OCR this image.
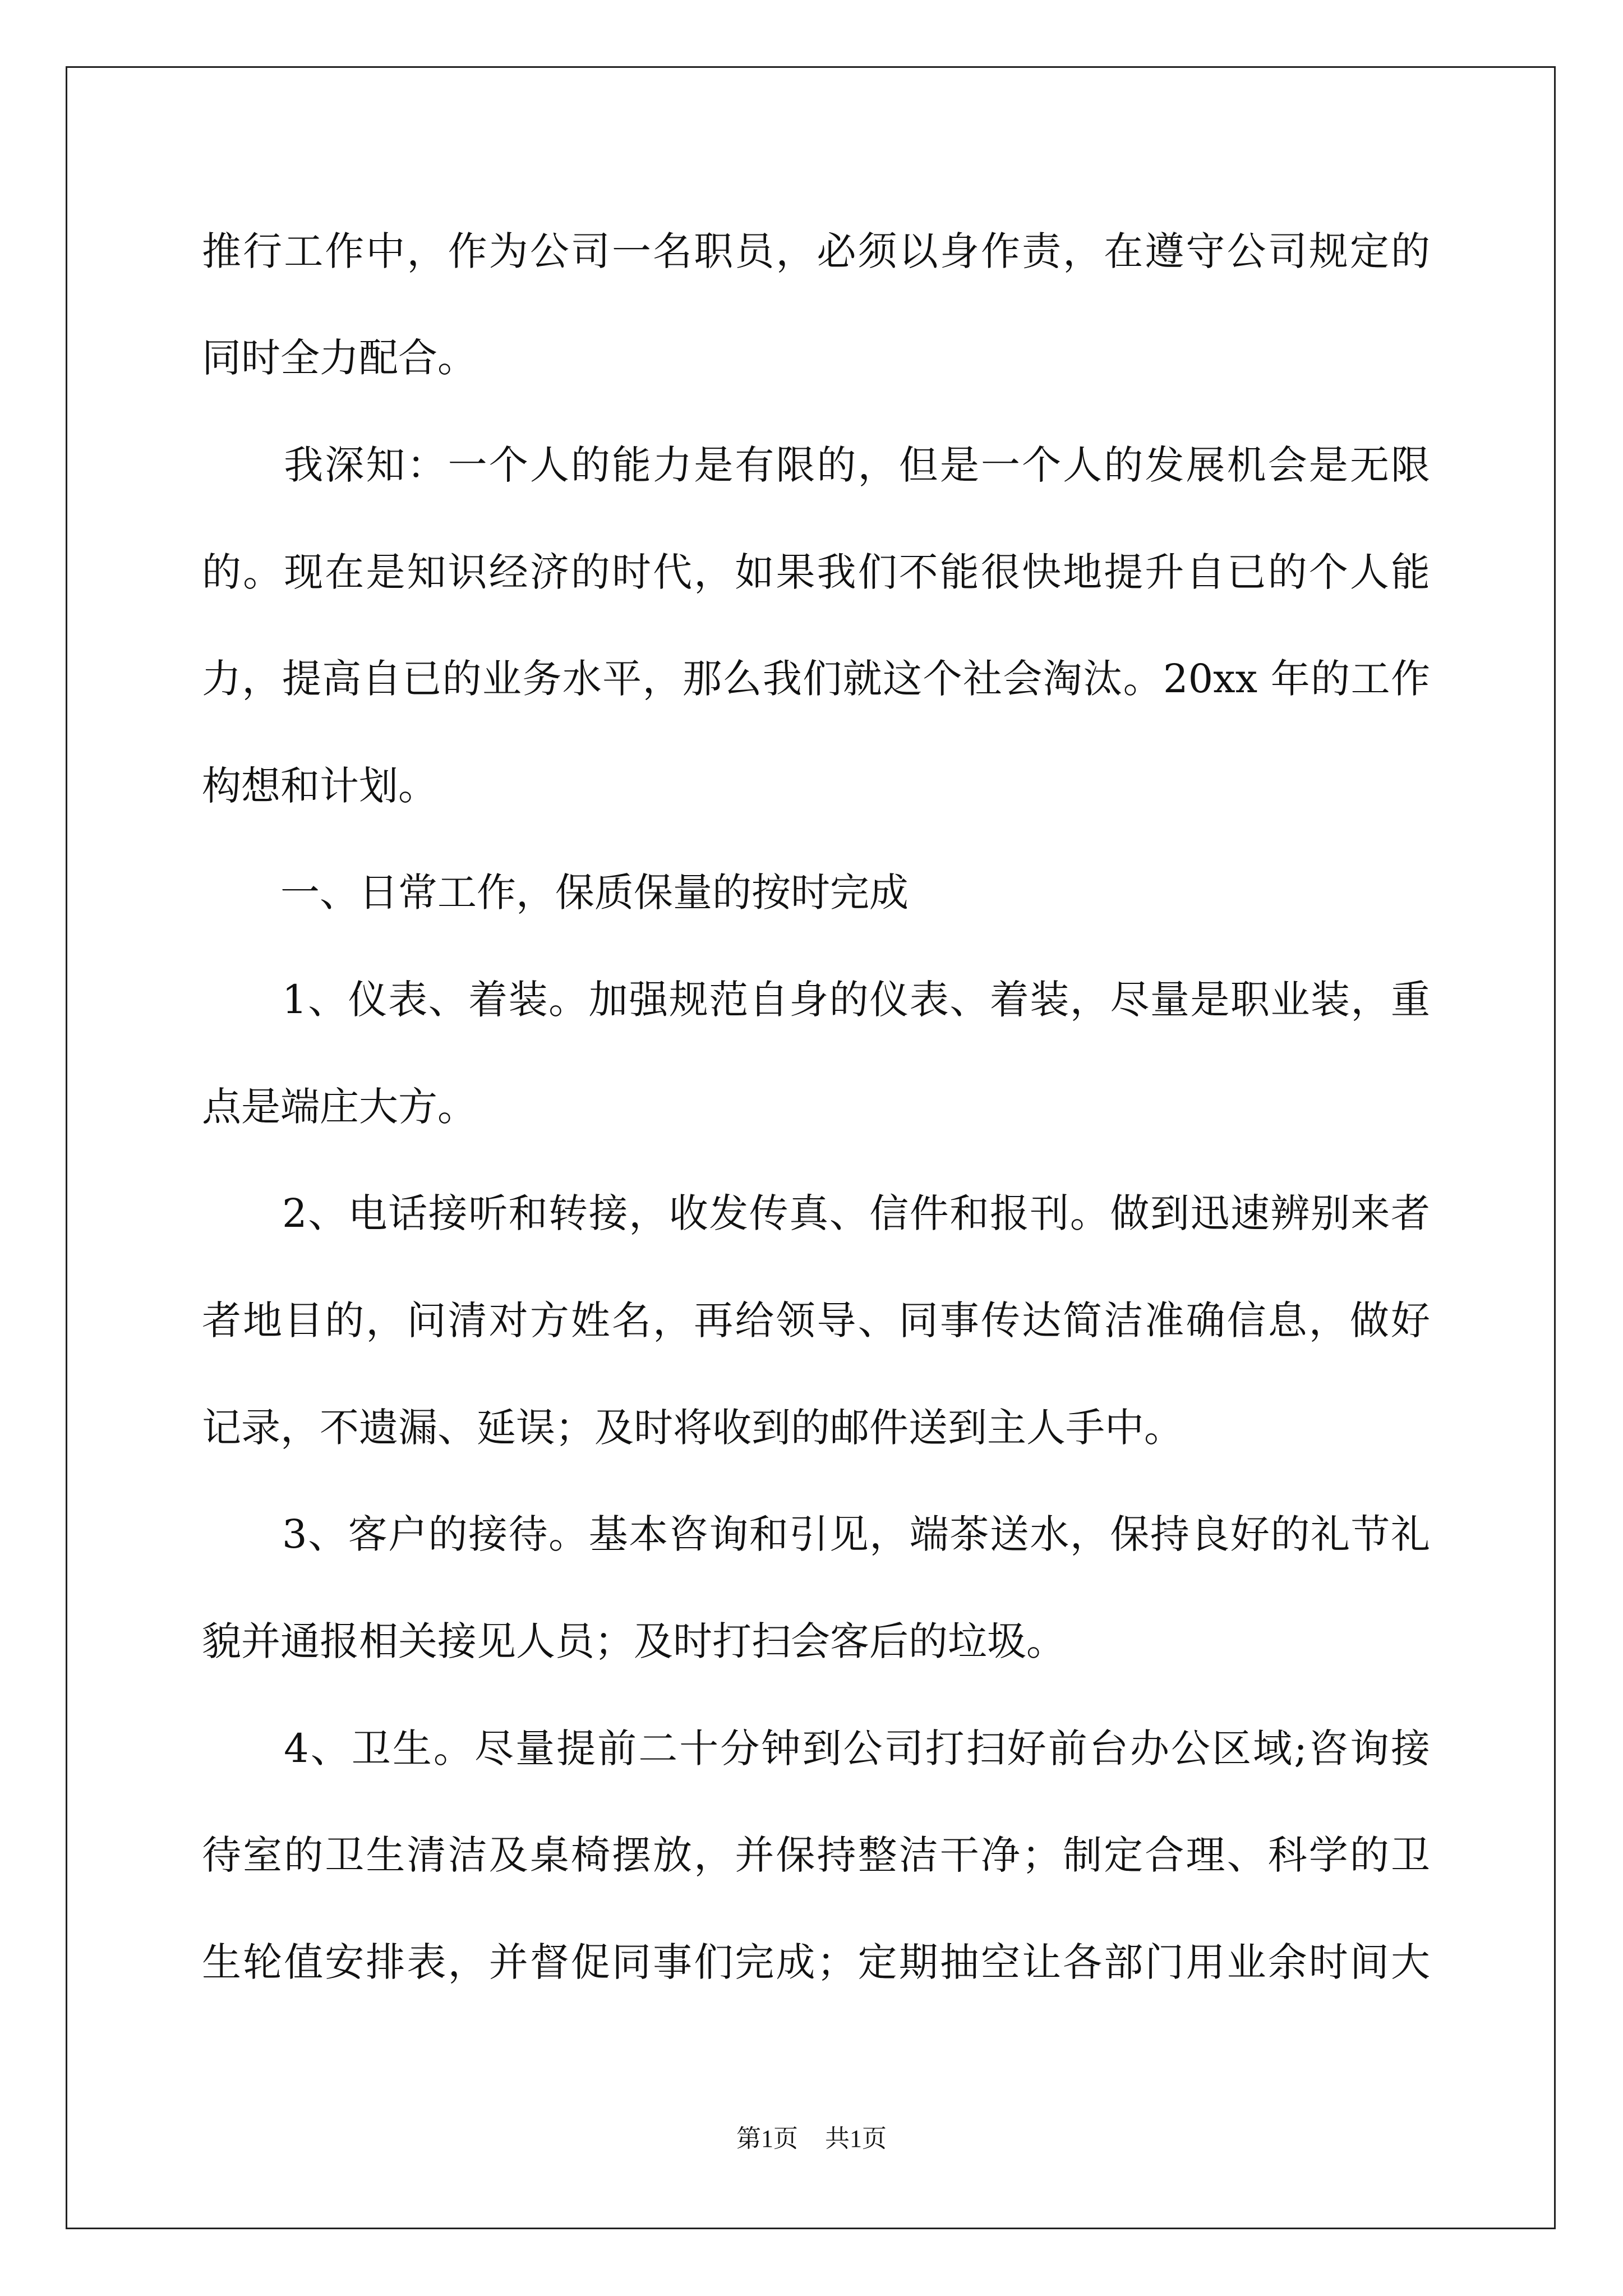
推行工作中，作为公司一名职员，必须以身作责，在遵守公司规定的
同时全力配合。
　　我深知：一个人的能力是有限的，但是一个人的发展机会是无限
的。现在是知识经济的时代，如果我们不能很快地提升自已的个人能
力，提高自已的业务水平，那么我们就这个社会淘汰。20xx 年的工作
构想和计划。
　　一、日常工作，保质保量的按时完成
　　1、仪表、着装。加强规范自身的仪表、着装，尽量是职业装，重
点是端庄大方。
　　2、电话接听和转接，收发传真、信件和报刊。做到迅速辨别来者
者地目的，问清对方姓名，再给领导、同事传达简洁准确信息，做好
记录，不遗漏、延误；及时将收到的邮件送到主人手中。
　　3、客户的接待。基本咨询和引见，端茶送水，保持良好的礼节礼
貌并通报相关接见人员；及时打扫会客后的垃圾。
　　4、卫生。尽量提前二十分钟到公司打扫好前台办公区域;咨询接
待室的卫生清洁及桌椅摆放，并保持整洁干净；制定合理、科学的卫
生轮值安排表，并督促同事们完成；定期抽空让各部门用业余时间大
第1页 共1页
